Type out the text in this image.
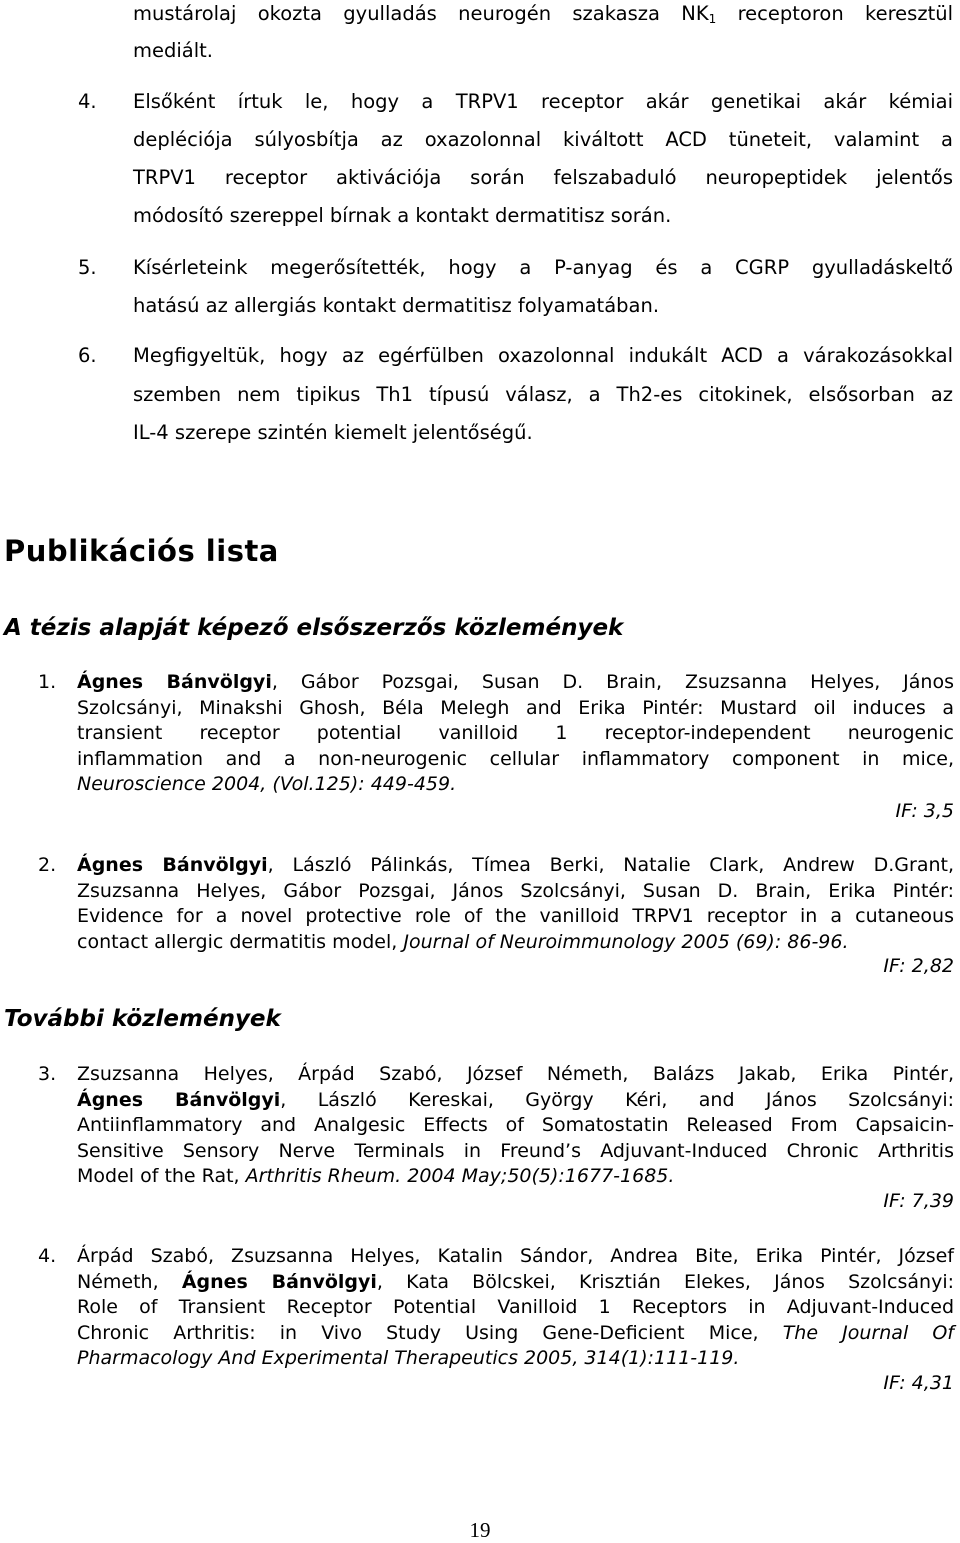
mustárolaj okozta gyulladás neurogén szakasza $NK_1$ receptoron keresztül
mediált.
4. Elsőként írtuk le, hogy a TRPV1 receptor akár genetikai akár kémiai
depléciója súlyosbítja az oxazolonnal kiváltott ACD tüneteit, valamint a
TRPV1 receptor aktivációja során felszabaduló neuropeptidek jelentős
módosító szereppel bírnak a kontakt dermatitisz során.
5. Kísérleteink megerősítették, hogy a P-anyag és a CGRP gyulladáskeltő
hatású az allergiás kontakt dermatitisz folyamatában.
6. Megfigyeltük, hogy az egérfülben oxazolonnal indukált ACD a várakozásokkal
szemben nem tipikus Th1 típusú válasz, a Th2-es citokinek, elsősorban az
IL-4 szerepe szintén kiemelt jelentőségű.
Publikációs lista
A tézis alapját képező elsőszerzős közlemények
1. Ágnes Bánvölgyi, Gábor Pozsgai, Susan D. Brain, Zsuzsanna Helyes, János
Szolcsányi, Minakshi Ghosh, Béla Melegh and Erika Pintér: Mustard oil induces a
transient receptor potential vanilloid 1 receptor-independent neurogenic
inflammation and a non-neurogenic cellular inflammatory component in mice,
Neuroscience 2004, (Vol.125): 449-459.
IF: 3,5
2. Ágnes Bánvölgyi, László Pálinkás, Tímea Berki, Natalie Clark, Andrew D.Grant,
Zsuzsanna Helyes, Gábor Pozsgai, János Szolcsányi, Susan D. Brain, Erika Pintér:
Evidence for a novel protective role of the vanilloid TRPV1 receptor in a cutaneous
contact allergic dermatitis model, Journal of Neuroimmunology 2005 (69): 86-96.
IF: 2,82
További közlemények
3. Zsuzsanna Helyes, Árpád Szabó, József Németh, Balázs Jakab, Erika Pintér,
Ágnes Bánvölgyi, László Kereskai, György Kéri, and János Szolcsányi:
Antiinflammatory and Analgesic Effects of Somatostatin Released From Capsaicin-
Sensitive Sensory Nerve Terminals in Freund’s Adjuvant-Induced Chronic Arthritis
Model of the Rat, Arthritis Rheum. 2004 May;50(5):1677-1685.
IF: 7,39
4. Árpád Szabó, Zsuzsanna Helyes, Katalin Sándor, Andrea Bite, Erika Pintér, József
Németh, Ágnes Bánvölgyi, Kata Bölcskei, Krisztián Elekes, János Szolcsányi:
Role of Transient Receptor Potential Vanilloid 1 Receptors in Adjuvant-Induced
Chronic Arthritis: in Vivo Study Using Gene-Deficient Mice, The Journal Of
Pharmacology And Experimental Therapeutics 2005, 314(1):111-119.
IF: 4,31
19
